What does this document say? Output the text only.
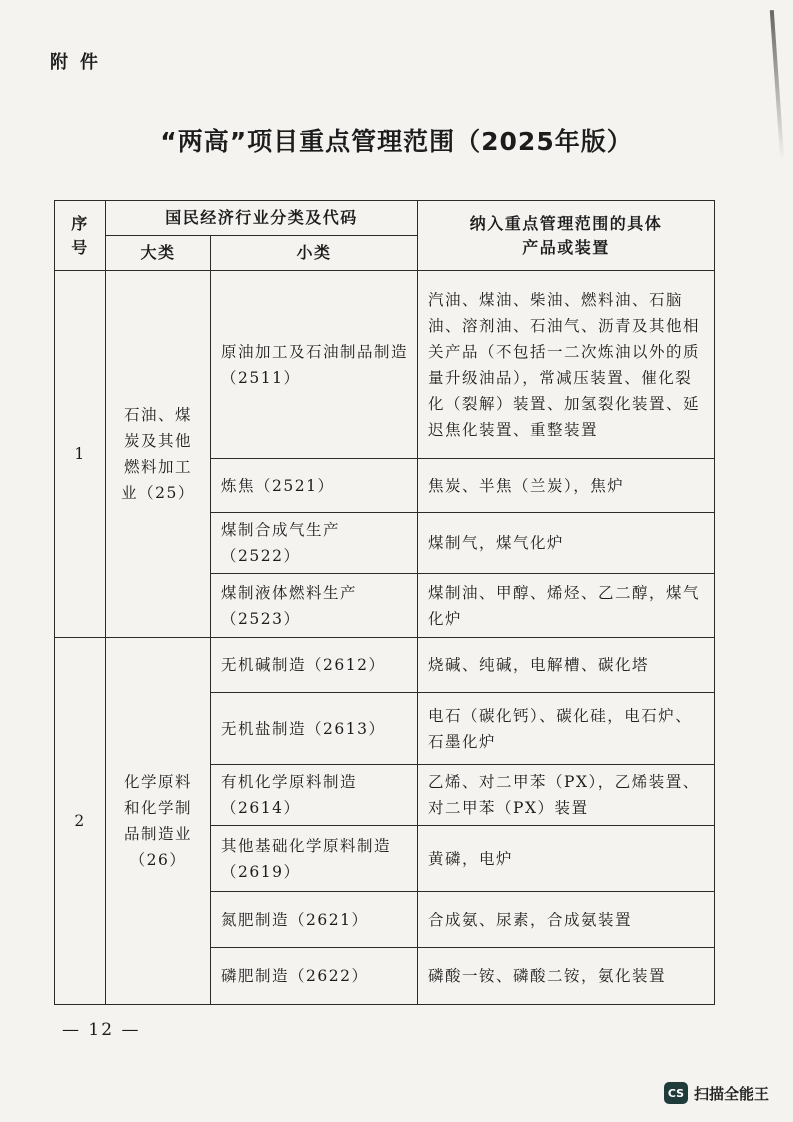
附件
“两高”项目重点管理范围（2025年版）
序号	国民经济行业分类及代码		纳入重点管理范围的具体产品或装置
	大类	小类	
1	石油、煤炭及其他燃料加工业（25）	原油加工及石油制品制造（2511）	汽油、煤油、柴油、燃料油、石脑油、溶剂油、石油气、沥青及其他相关产品（不包括一二次炼油以外的质量升级油品），常减压装置、催化裂化（裂解）装置、加氢裂化装置、延迟焦化装置、重整装置
		炼焦（2521）	焦炭、半焦（兰炭），焦炉
		煤制合成气生产（2522）	煤制气，煤气化炉
		煤制液体燃料生产（2523）	煤制油、甲醇、烯烃、乙二醇，煤气化炉
2	化学原料和化学制品制造业（26）	无机碱制造（2612）	烧碱、纯碱，电解槽、碳化塔
		无机盐制造（2613）	电石（碳化钙）、碳化硅，电石炉、石墨化炉
		有机化学原料制造（2614）	乙烯、对二甲苯（PX），乙烯装置、对二甲苯（PX）装置
		其他基础化学原料制造（2619）	黄磷，电炉
		氮肥制造（2621）	合成氨、尿素，合成氨装置
		磷肥制造（2622）	磷酸一铵、磷酸二铵，氨化装置
— 12 —
CS 扫描全能王
